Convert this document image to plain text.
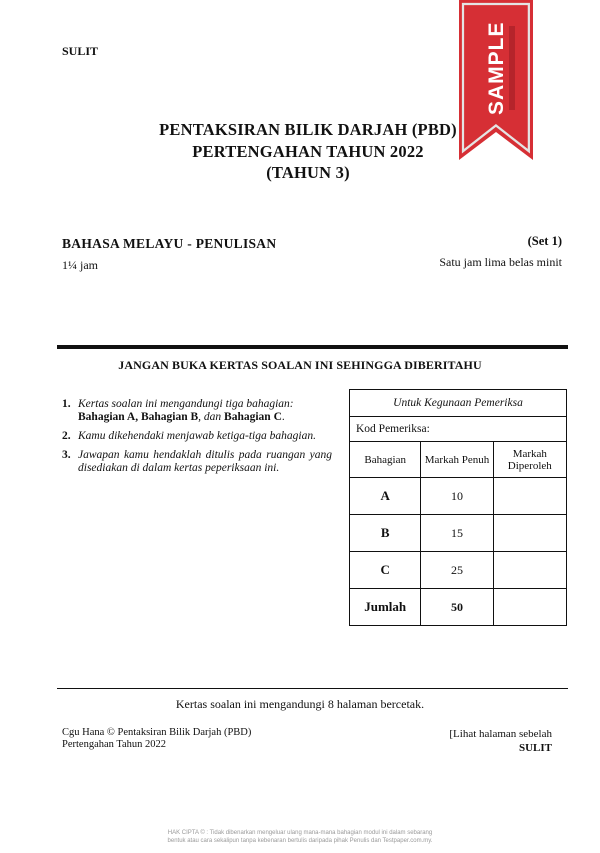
SULIT
PENTAKSIRAN BILIK DARJAH (PBD)
PERTENGAHAN TAHUN 2022
(TAHUN 3)
SAMPLE
BAHASA MELAYU - PENULISAN	(Set 1)
1¼ jam	Satu jam lima belas minit
JANGAN BUKA KERTAS SOALAN INI SEHINGGA DIBERITAHU
1. Kertas soalan ini mengandungi tiga bahagian:
Bahagian A, Bahagian B, dan Bahagian C.
2. Kamu dikehendaki menjawab ketiga-tiga bahagian.
3. Jawapan kamu hendaklah ditulis pada ruangan yang disediakan di dalam kertas peperiksaan ini.
Untuk Kegunaan Pemeriksa		
Kod Pemeriksa:		
Bahagian	Markah Penuh	Markah Diperoleh
A	10	
B	15	
C	25	
Jumlah	50	
Kertas soalan ini mengandungi 8 halaman bercetak.
Cgu Hana © Pentaksiran Bilik Darjah (PBD)
Pertengahan Tahun 2022
[Lihat halaman sebelah
SULIT
HAK CIPTA © : Tidak dibenarkan mengeluar ulang mana-mana bahagian modul ini dalam sebarang
bentuk atau cara sekalipun tanpa kebenaran bertulis daripada pihak Penulis dan Testpaper.com.my.
